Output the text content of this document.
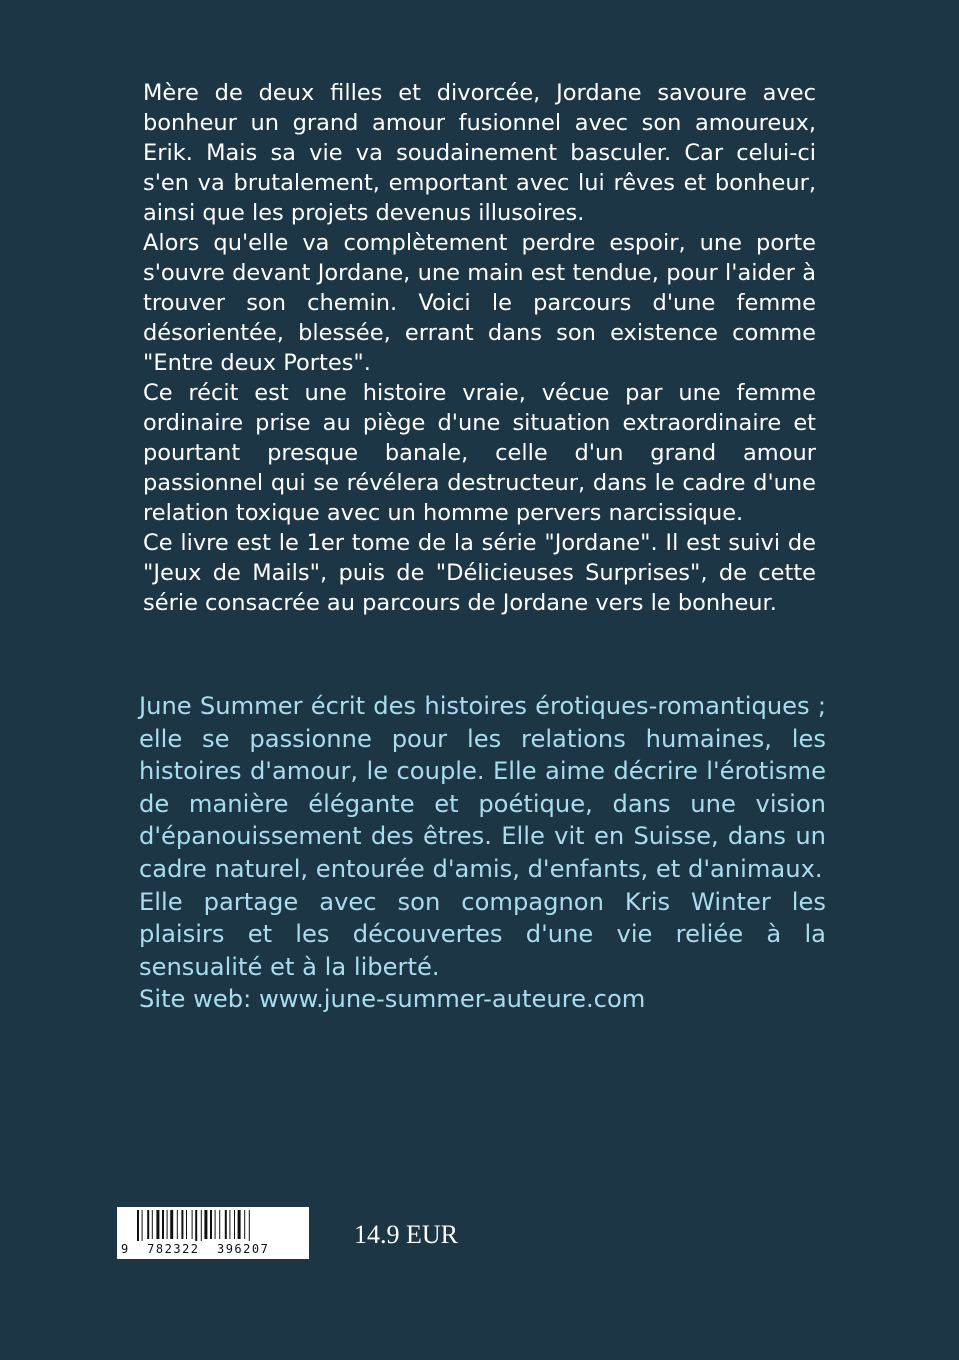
Mère de deux filles et divorcée, Jordane savoure avec bonheur un grand amour fusionnel avec son amoureux, Erik. Mais sa vie va soudainement basculer. Car celui-ci s'en va brutalement, emportant avec lui rêves et bonheur, ainsi que les projets devenus illusoires.

Alors qu'elle va complètement perdre espoir, une porte s'ouvre devant Jordane, une main est tendue, pour l'aider à trouver son chemin. Voici le parcours d'une femme désorientée, blessée, errant dans son existence comme "Entre deux Portes".

Ce récit est une histoire vraie, vécue par une femme ordinaire prise au piège d'une situation extraordinaire et pourtant presque banale, celle d'un grand amour passionnel qui se révélera destructeur, dans le cadre d'une relation toxique avec un homme pervers narcissique.

Ce livre est le 1er tome de la série "Jordane". Il est suivi de "Jeux de Mails", puis de "Délicieuses Surprises", de cette série consacrée au parcours de Jordane vers le bonheur.

June Summer écrit des histoires érotiques-romantiques ; elle se passionne pour les relations humaines, les histoires d'amour, le couple. Elle aime décrire l'érotisme de manière élégante et poétique, dans une vision d'épanouissement des êtres. Elle vit en Suisse, dans un cadre naturel, entourée d'amis, d'enfants, et d'animaux.

Elle partage avec son compagnon Kris Winter les plaisirs et les découvertes d'une vie reliée à la sensualité et à la liberté.

Site web: www.june-summer-auteure.com

9  782322  396207	14.9 EUR
